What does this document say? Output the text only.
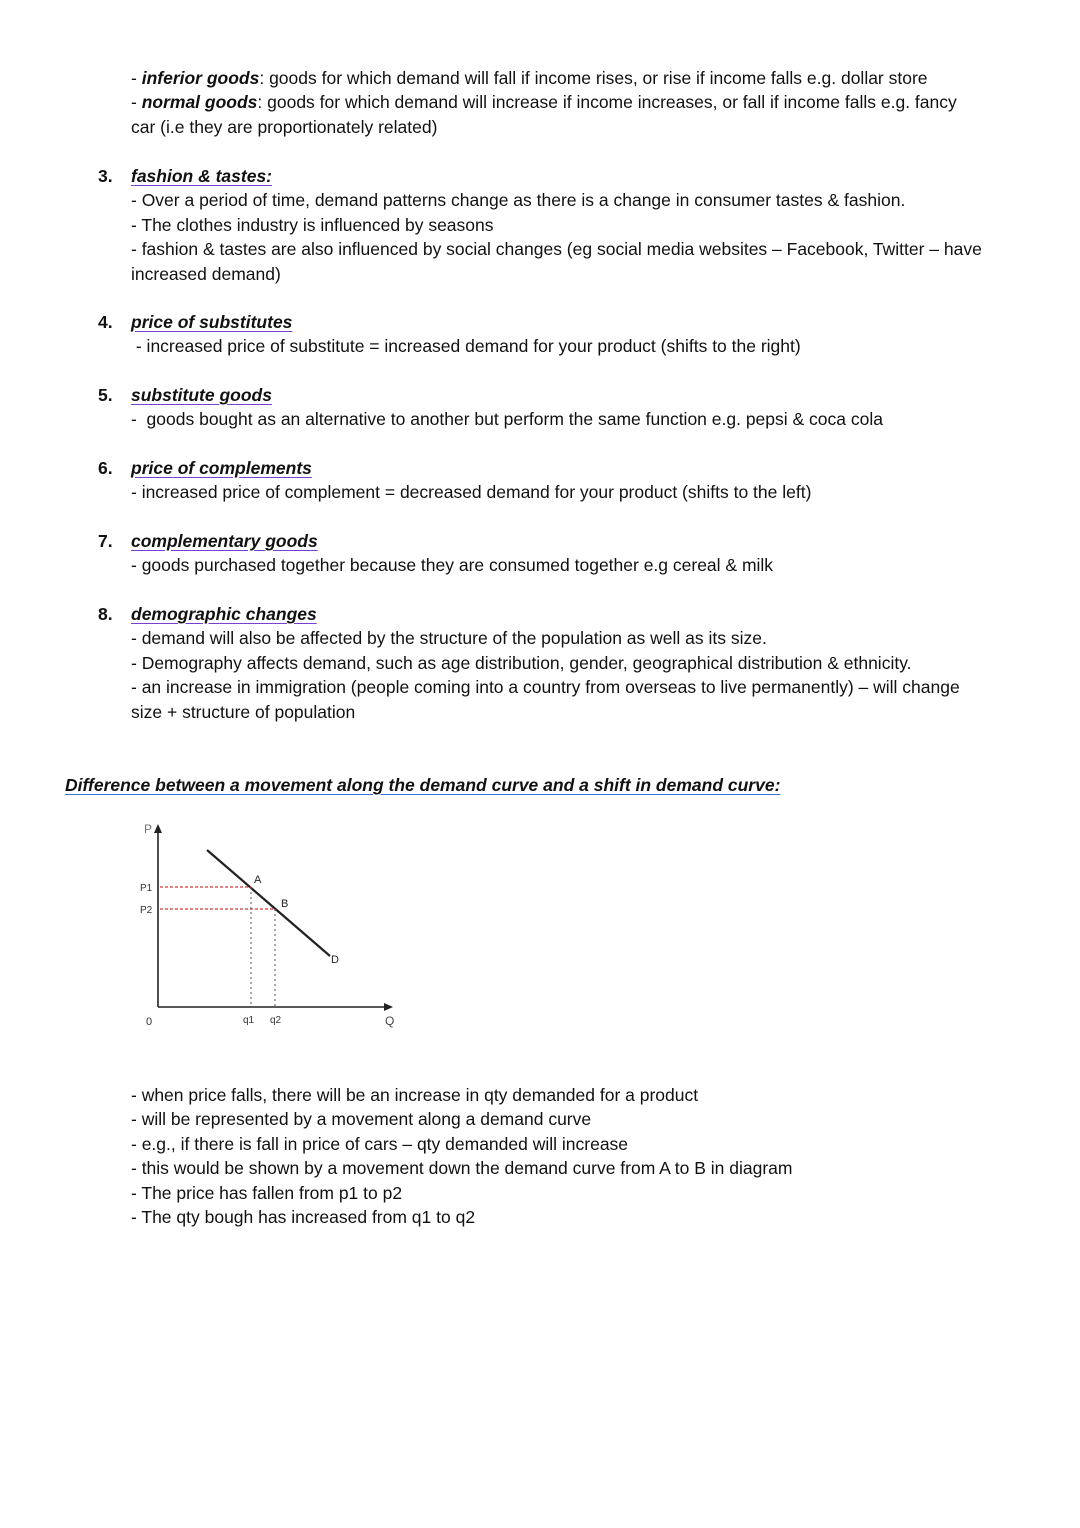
- inferior goods: goods for which demand will fall if income rises, or rise if income falls e.g. dollar store
- normal goods: goods for which demand will increase if income increases, or fall if income falls e.g. fancy
car (i.e they are proportionately related)
3. fashion & tastes:
- Over a period of time, demand patterns change as there is a change in consumer tastes & fashion.
- The clothes industry is influenced by seasons
- fashion & tastes are also influenced by social changes (eg social media websites – Facebook, Twitter – have
increased demand)
4. price of substitutes
- increased price of substitute = increased demand for your product (shifts to the right)
5. substitute goods
-  goods bought as an alternative to another but perform the same function e.g. pepsi & coca cola
6. price of complements
- increased price of complement = decreased demand for your product (shifts to the left)
7. complementary goods
- goods purchased together because they are consumed together e.g cereal & milk
8. demographic changes
- demand will also be affected by the structure of the population as well as its size.
- Demography affects demand, such as age distribution, gender, geographical distribution & ethnicity.
- an increase in immigration (people coming into a country from overseas to live permanently) – will change
size + structure of population
Difference between a movement along the demand curve and a shift in demand curve:
P
Q
0
P1
P2
q1 q2
A
B
D
- when price falls, there will be an increase in qty demanded for a product
- will be represented by a movement along a demand curve
- e.g., if there is fall in price of cars – qty demanded will increase
- this would be shown by a movement down the demand curve from A to B in diagram
- The price has fallen from p1 to p2
- The qty bough has increased from q1 to q2
